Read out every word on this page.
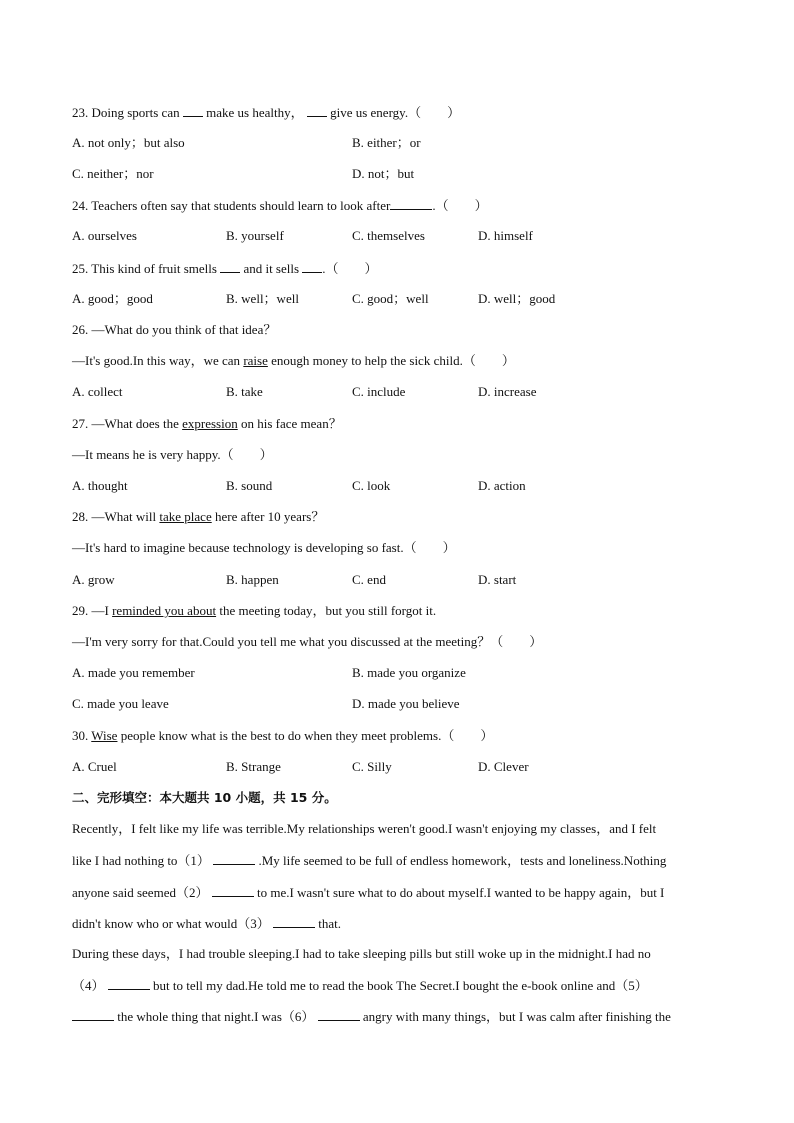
23. Doing sports can  make us healthy，  give us energy.（　　）
A. not only；but also	B. either；or
C. neither；nor	D. not；but
24. Teachers often say that students should learn to look after	.（　　）
A. ourselves	B. yourself	C. themselves	D. himself
25. This kind of fruit smells  and it sells .（　　）
A. good；good	B. well；well	C. good；well	D. well；good
26. —What do you think of that idea？
—It's good.In this way，we can raise enough money to help the sick child.（　　）
A. collect	B. take	C. include	D. increase
27. —What does the expression on his face mean？
—It means he is very happy.（　　）
A. thought	B. sound	C. look	D. action
28. —What will take place here after 10 years？
—It's hard to imagine because technology is developing so fast.（　　）
A. grow	B. happen	C. end	D. start
29. —I reminded you about the meeting today，but you still forgot it.
—I'm very sorry for that.Could you tell me what you discussed at the meeting？（　　）
A. made you remember	B. made you organize
C. made you leave	D. made you believe
30. Wise people know what is the best to do when they meet problems.（　　）
A. Cruel	B. Strange	C. Silly	D. Clever
二、完形填空：本大题共 10 小题，共 15 分。
Recently，I felt like my life was terrible.My relationships weren't good.I wasn't enjoying my classes，and I felt
like I had nothing to（1）	.My life seemed to be full of endless homework，tests and loneliness.Nothing
anyone said seemed（2）	to me.I wasn't sure what to do about myself.I wanted to be happy again，but I
didn't know who or what would（3）	that.
During these days，I had trouble sleeping.I had to take sleeping pills but still woke up in the midnight.I had no
（4）	but to tell my dad.He told me to read the book The Secret.I bought the e-book online and（5）
the whole thing that night.I was（6）	angry with many things，but I was calm after finishing the
